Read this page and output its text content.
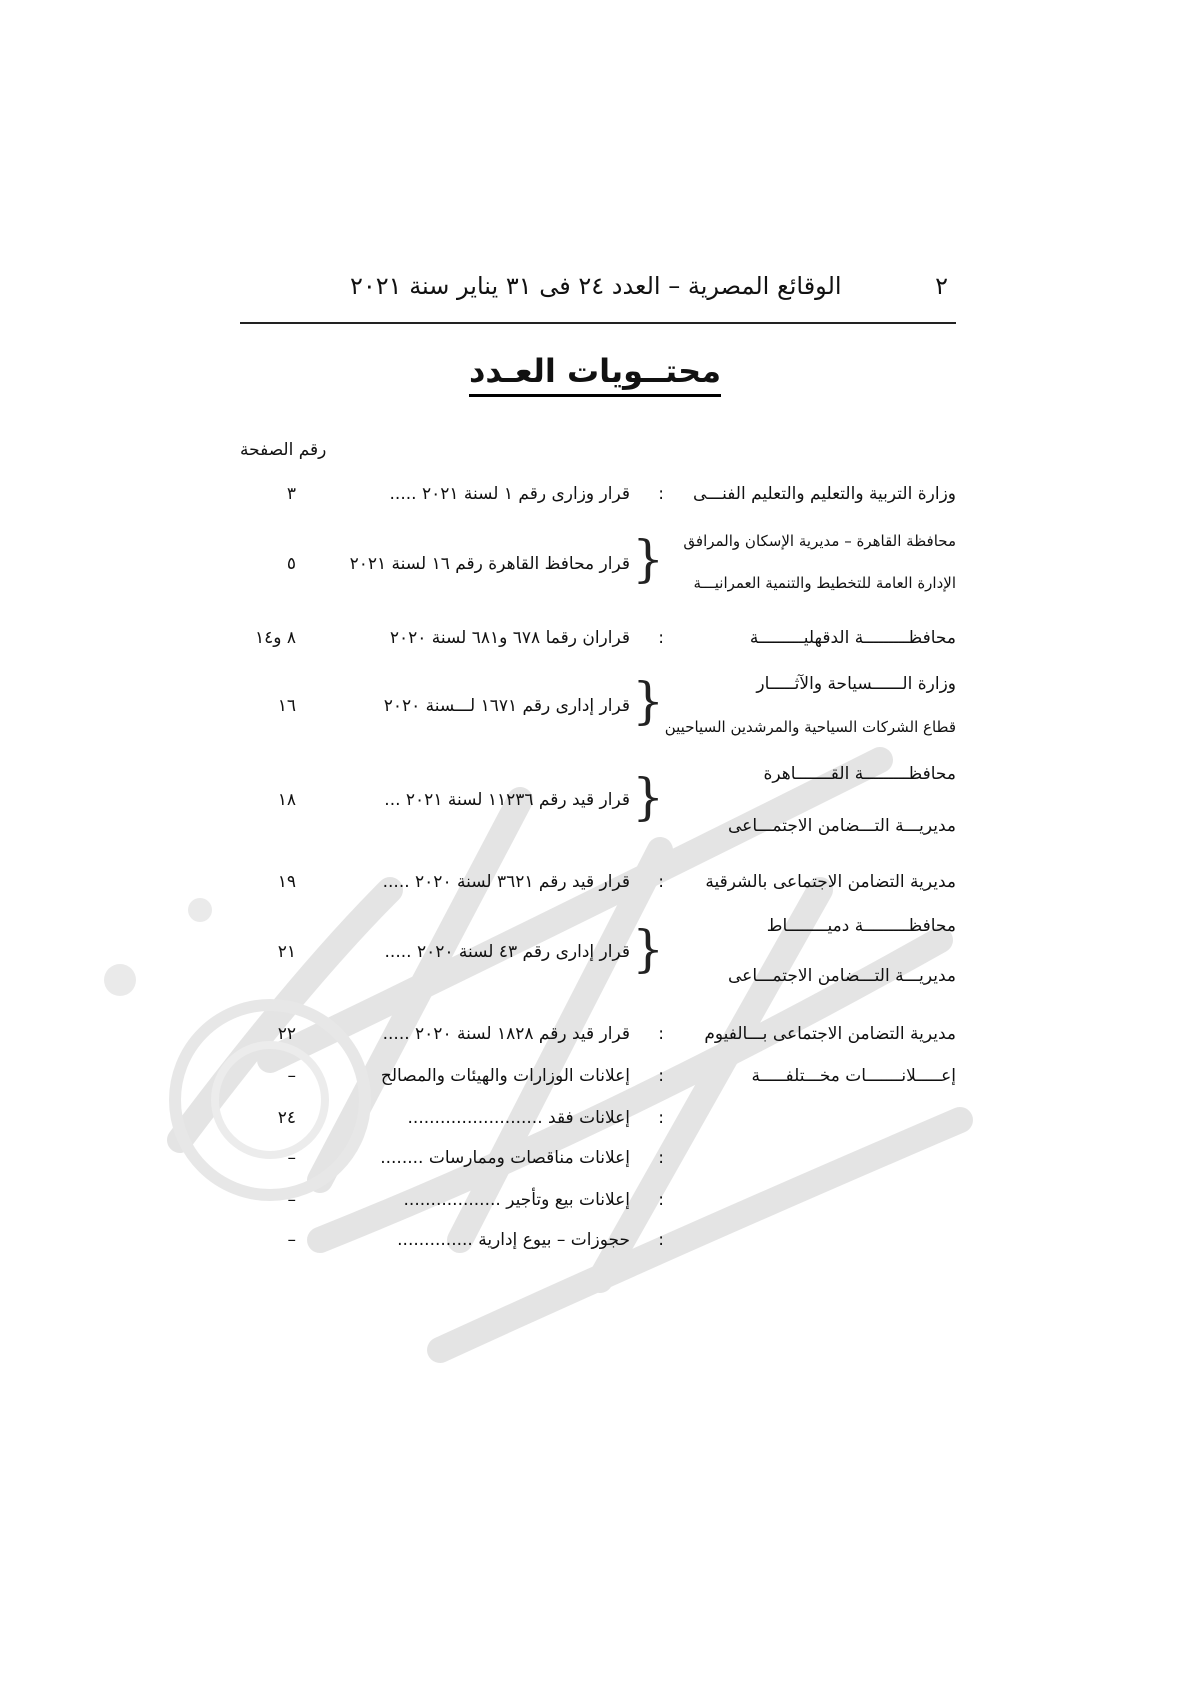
٢
الوقائع المصرية – العدد ٢٤ فى ٣١ يناير سنة ٢٠٢١
محتــويات العـدد
رقم الصفحة
وزارة التربية والتعليم والتعليم الفنـــى
:
قرار وزارى رقم ١ لسنة ٢٠٢١ .....
٣
محافظة القاهرة – مديرية الإسكان والمرافق
الإدارة العامة للتخطيط والتنمية العمرانيـــة
{
قرار محافظ القاهرة رقم ١٦ لسنة ٢٠٢١
٥
محافظـــــــــة الدقهليـــــــــة
:
قراران رقما ٦٧٨ و٦٨١ لسنة ٢٠٢٠
٨ و١٤
وزارة الــــــسياحة والآثـــــار
قطاع الشركات السياحية والمرشدين السياحيين
{
قرار إدارى رقم ١٦٧١ لـــسنة ٢٠٢٠
١٦
محافظـــــــــة القـــــــاهرة
مديريـــة التـــضامن الاجتمـــاعى
{
قرار قيد رقم ١١٢٣٦ لسنة ٢٠٢١ ...
١٨
مديرية التضامن الاجتماعى بالشرقية
:
قرار قيد رقم ٣٦٢١ لسنة ٢٠٢٠ .....
١٩
محافظـــــــــة دميــــــــاط
مديريـــة التـــضامن الاجتمـــاعى
{
قرار إدارى رقم ٤٣ لسنة ٢٠٢٠ .....
٢١
مديرية التضامن الاجتماعى بـــالفيوم
:
قرار قيد رقم ١٨٢٨ لسنة ٢٠٢٠ .....
٢٢
إعـــــلانـــــــات مخـــتلفـــــة
:
إعلانات الوزارات والهيئات والمصالح
–
:
إعلانات فقد .........................
٢٤
:
إعلانات مناقصات وممارسات ........
–
:
إعلانات بيع وتأجير ..................
–
:
حجوزات – بيوع إدارية ..............
–
